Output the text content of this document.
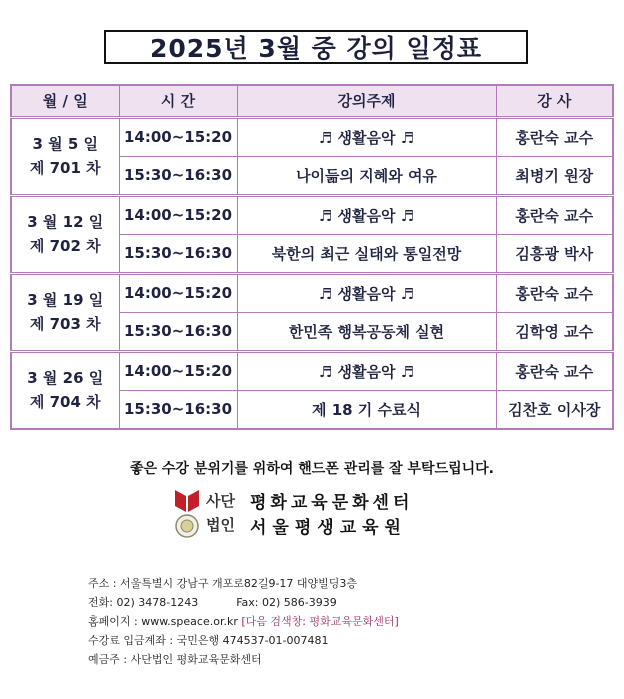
2025년 3월 중 강의 일정표
월 / 일	시 간	강의주제	강 사

3 월 5 일
제 701 차	14:00~15:20	♬ 생활음악 ♬	홍란숙 교수
	15:30~16:30	나이듦의 지혜와 여유	최병기 원장

3 월 12 일
제 702 차	14:00~15:20	♬ 생활음악 ♬	홍란숙 교수
	15:30~16:30	북한의 최근 실태와 통일전망	김흥광 박사

3 월 19 일
제 703 차	14:00~15:20	♬ 생활음악 ♬	홍란숙 교수
	15:30~16:30	한민족 행복공동체 실현	김학영 교수

3 월 26 일
제 704 차	14:00~15:20	♬ 생활음악 ♬	홍란숙 교수
	15:30~16:30	제 18 기 수료식	김찬호 이사장
좋은 수강 분위기를 위하여 핸드폰 관리를 잘 부탁드립니다.
사단
법인
평화교육문화센터
서울평생교육원
주소 : 서울특별시 강남구 개포로82길9-17 대양빌딩3층
전화: 02) 3478-1243	Fax: 02) 586-3939
홈페이지 : www.speace.or.kr [다음 검색창: 평화교육문화센터]
수강료 입금계좌 : 국민은행 474537-01-007481
예금주 : 사단법인 평화교육문화센터
